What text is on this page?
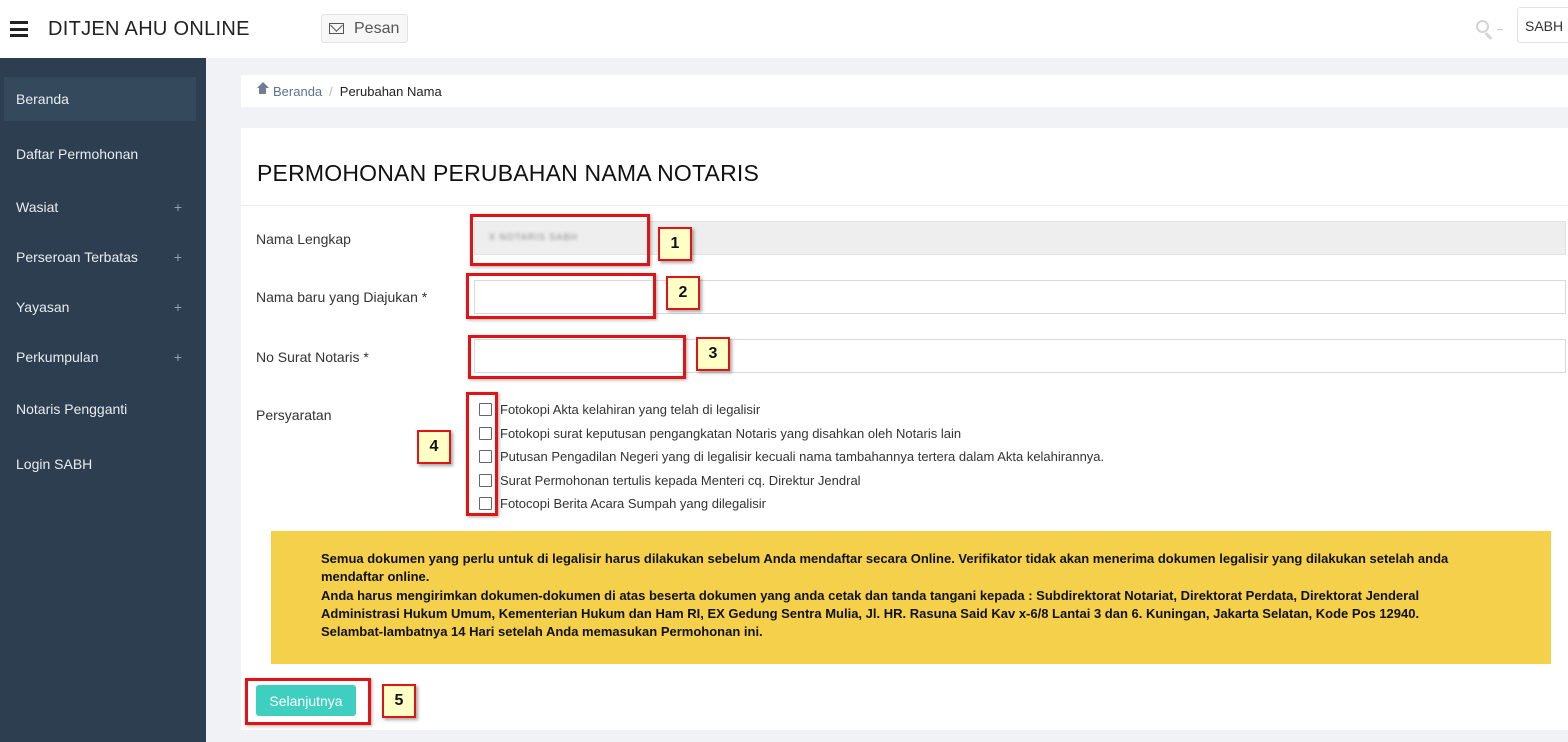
DITJEN AHU ONLINE	Pesan	SABH
Beranda
Daftar Permohonan
Wasiat	+
Perseroan Terbatas	+
Yayasan	+
Perkumpulan	+
Notaris Pengganti
Login SABH
Beranda / Perubahan Nama
PERMOHONAN PERUBAHAN NAMA NOTARIS
Nama Lengkap	X NOTARIS SABH
Nama baru yang Diajukan *
No Surat Notaris *
Persyaratan	Fotokopi Akta kelahiran yang telah di legalisir
Fotokopi surat keputusan pengangkatan Notaris yang disahkan oleh Notaris lain
Putusan Pengadilan Negeri yang di legalisir kecuali nama tambahannya tertera dalam Akta kelahirannya.
Surat Permohonan tertulis kepada Menteri cq. Direktur Jendral
Fotocopi Berita Acara Sumpah yang dilegalisir
Semua dokumen yang perlu untuk di legalisir harus dilakukan sebelum Anda mendaftar secara Online. Verifikator tidak akan menerima dokumen legalisir yang dilakukan setelah anda
mendaftar online.
Anda harus mengirimkan dokumen-dokumen di atas beserta dokumen yang anda cetak dan tanda tangani kepada : Subdirektorat Notariat, Direktorat Perdata, Direktorat Jenderal
Administrasi Hukum Umum, Kementerian Hukum dan Ham RI, EX Gedung Sentra Mulia, Jl. HR. Rasuna Said Kav x-6/8 Lantai 3 dan 6. Kuningan, Jakarta Selatan, Kode Pos 12940.
Selambat-lambatnya 14 Hari setelah Anda memasukan Permohonan ini.
Selanjutnya
1
2
3
4
5
